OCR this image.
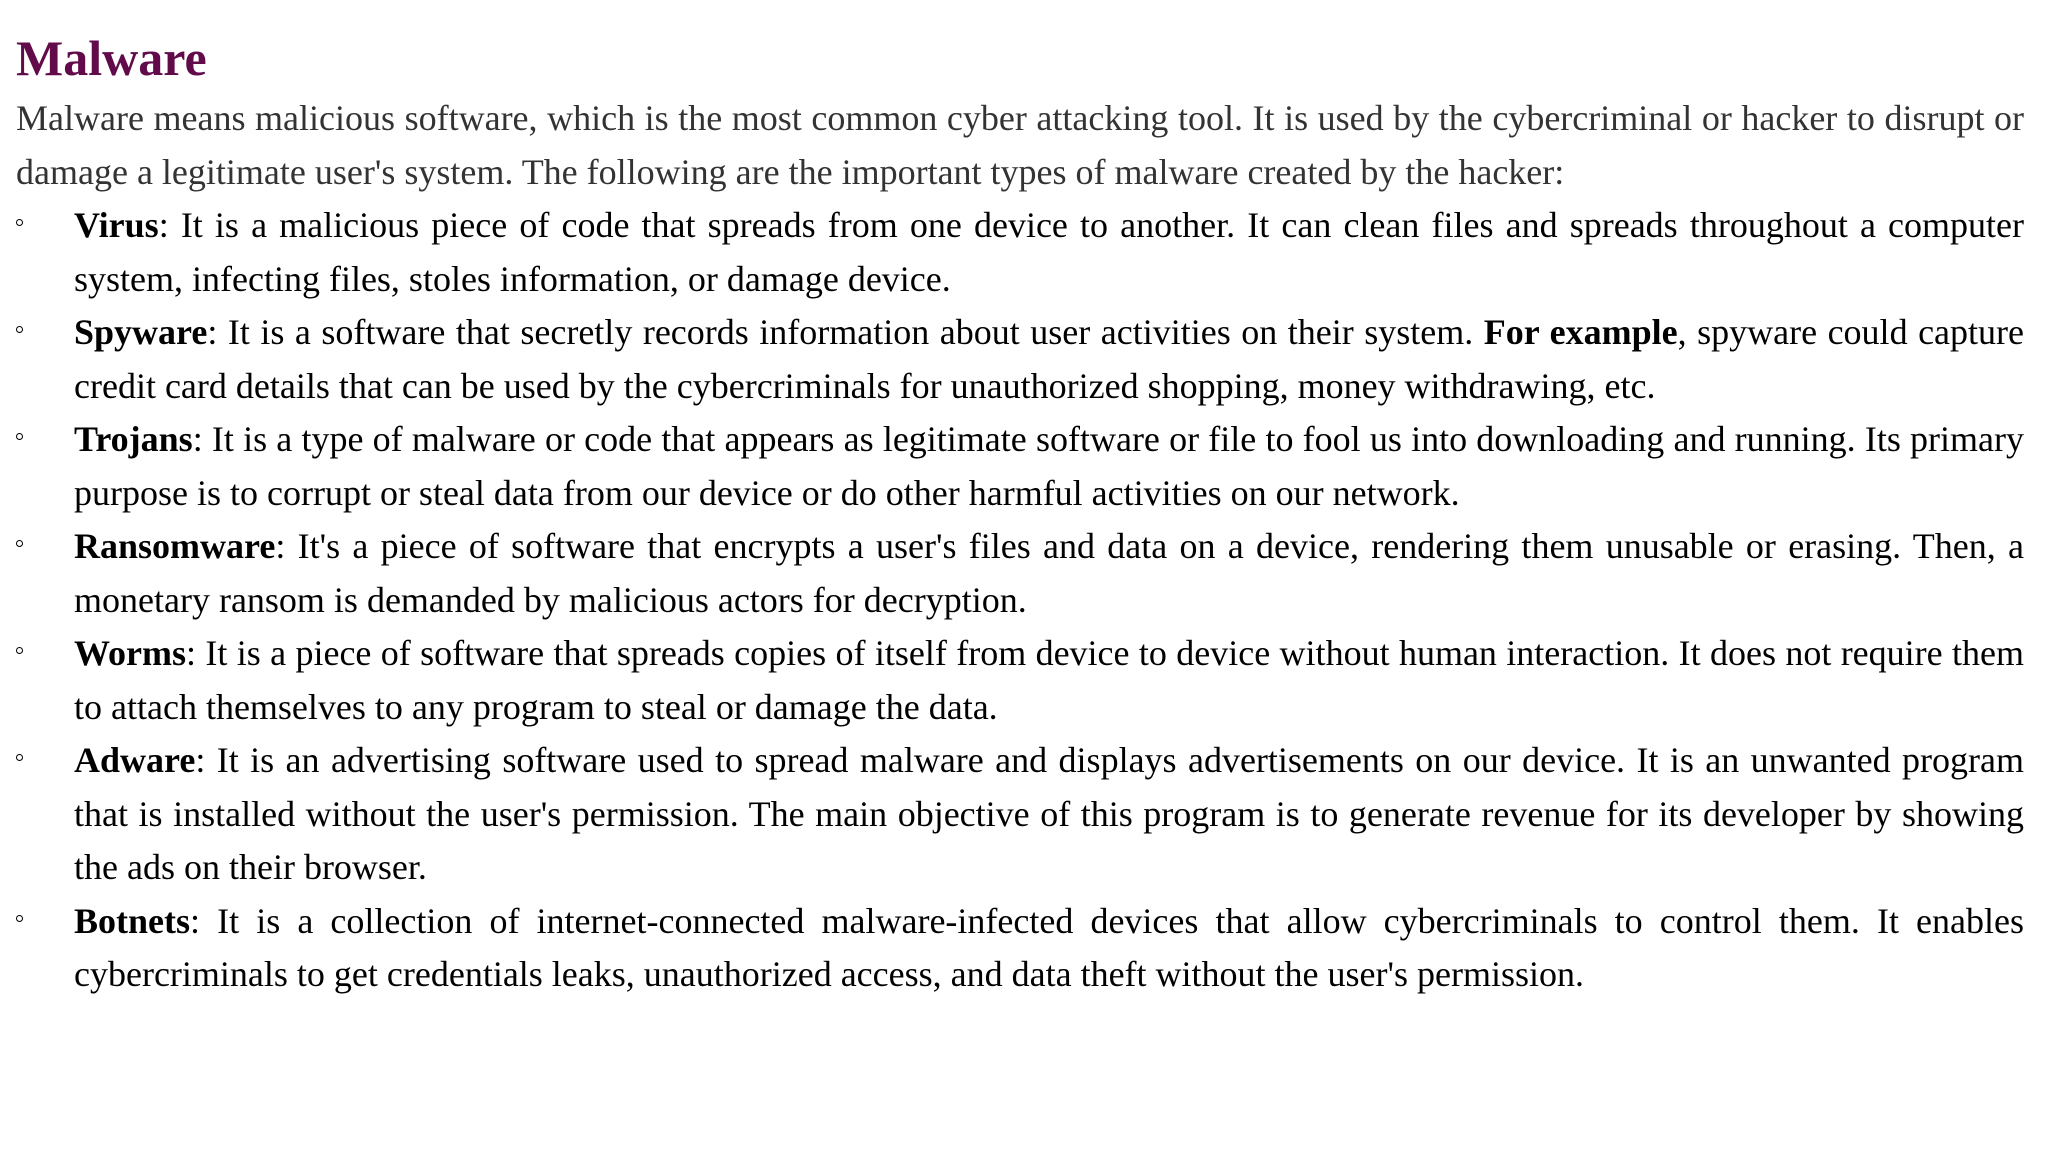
Malware

Malware means malicious software, which is the most common cyber attacking tool. It is used by the cybercriminal or hacker to disrupt or damage a legitimate user's system. The following are the important types of malware created by the hacker:

Virus: It is a malicious piece of code that spreads from one device to another. It can clean files and spreads throughout a computer system, infecting files, stoles information, or damage device.
Spyware: It is a software that secretly records information about user activities on their system. For example, spyware could capture credit card details that can be used by the cybercriminals for unauthorized shopping, money withdrawing, etc.
Trojans: It is a type of malware or code that appears as legitimate software or file to fool us into downloading and running. Its primary purpose is to corrupt or steal data from our device or do other harmful activities on our network.
Ransomware: It's a piece of software that encrypts a user's files and data on a device, rendering them unusable or erasing. Then, a monetary ransom is demanded by malicious actors for decryption.
Worms: It is a piece of software that spreads copies of itself from device to device without human interaction. It does not require them to attach themselves to any program to steal or damage the data.
Adware: It is an advertising software used to spread malware and displays advertisements on our device. It is an unwanted program that is installed without the user's permission. The main objective of this program is to generate revenue for its developer by showing the ads on their browser.
Botnets: It is a collection of internet-connected malware-infected devices that allow cybercriminals to control them. It enables cybercriminals to get credentials leaks, unauthorized access, and data theft without the user's permission.
